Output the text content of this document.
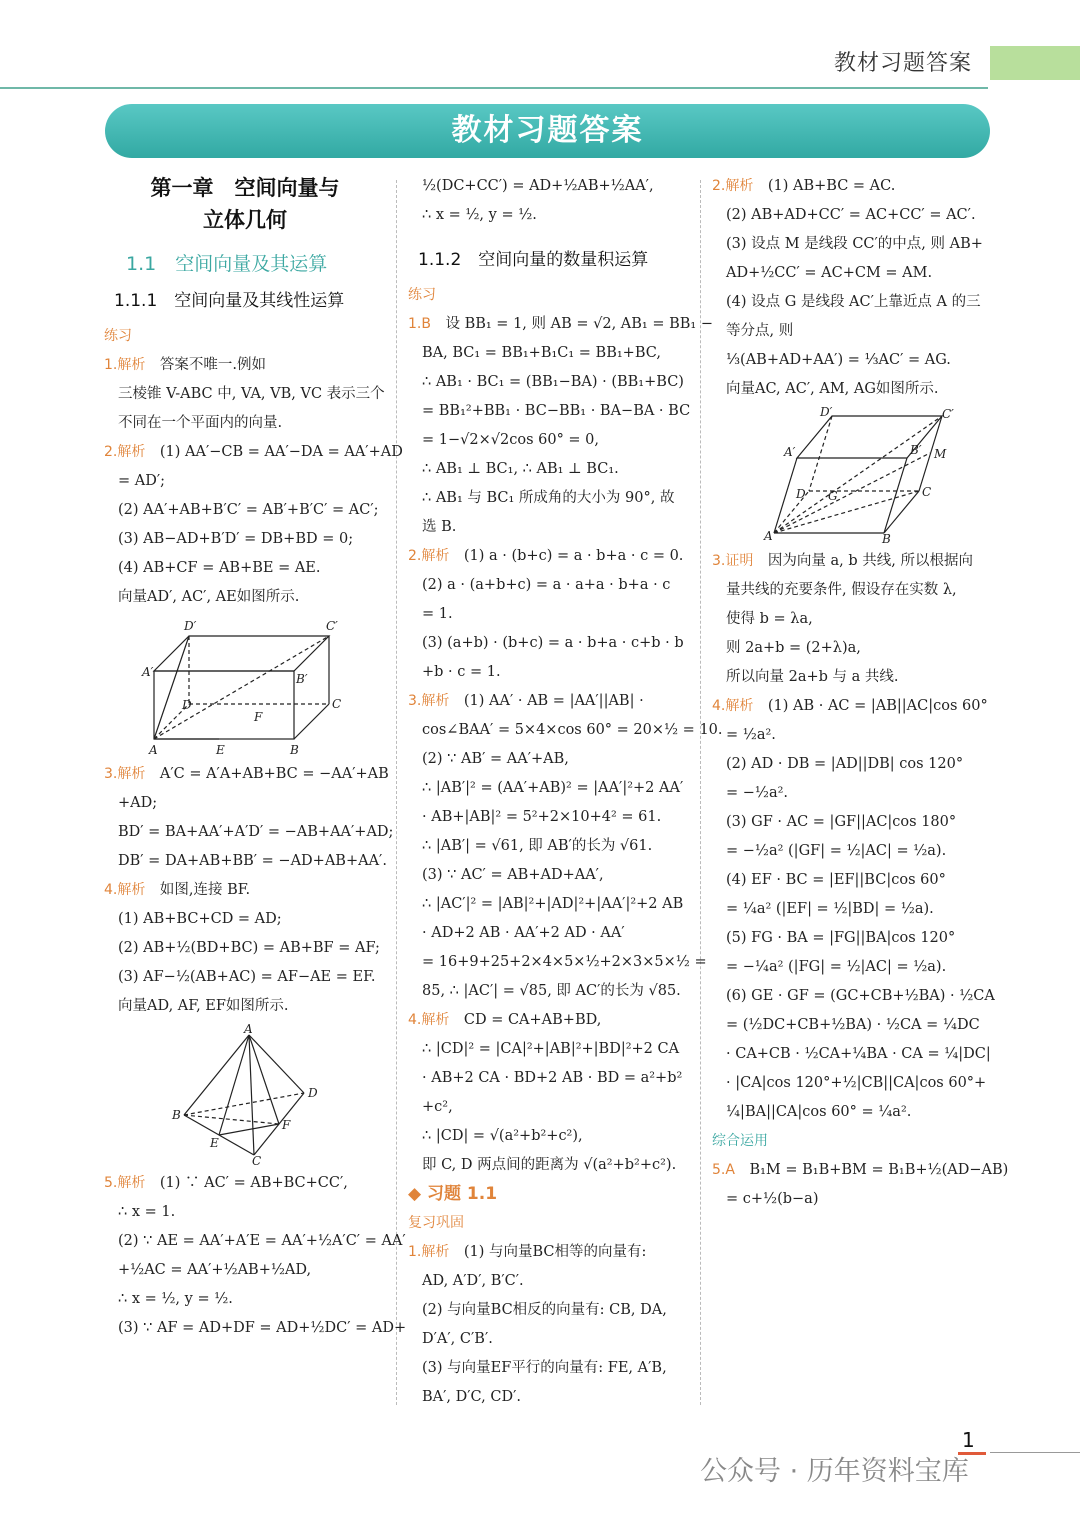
教材习题答案
教材习题答案
第一章　空间向量与
立体几何
1.1　空间向量及其运算
1.1.1　空间向量及其线性运算
练习
1.解析　 答案不唯一.例如
三棱锥 V-ABC 中, VA, VB, VC 表示三个
不同在一个平面内的向量.
2.解析　 (1) AA′−CB = AA′−DA = AA′+AD
= AD′;
(2) AA′+AB+B′C′ = AB′+B′C′ = AC′;
(3) AB−AD+B′D′ = DB+BD = 0;
(4) AB+CF = AB+BE = AE.
向量AD′, AC′, AE如图所示.
D′	C′
A′	B′
D	C
F
A	E	B
3.解析　 A′C = A′A+AB+BC = −AA′+AB
+AD;
BD′ = BA+AA′+A′D′ = −AB+AA′+AD;
DB′ = DA+AB+BB′ = −AD+AB+AA′.
4.解析　 如图,连接 BF.
(1) AB+BC+CD = AD;
(2) AB+½(BD+BC) = AB+BF = AF;
(3) AF−½(AB+AC) = AF−AE = EF.
向量AD, AF, EF如图所示.
A
D
B
F
E
C
5.解析　 (1) ∵ AC′ = AB+BC+CC′,
∴ x = 1.
(2) ∵ AE = AA′+A′E = AA′+½A′C′ = AA′
+½AC = AA′+½AB+½AD,
∴ x = ½, y = ½.
(3) ∵ AF = AD+DF = AD+½DC′ = AD+
½(DC+CC′) = AD+½AB+½AA′,
∴ x = ½, y = ½.
1.1.2　空间向量的数量积运算
练习
1.B　 设 BB₁ = 1, 则 AB = √2, AB₁ = BB₁ −
BA, BC₁ = BB₁+B₁C₁ = BB₁+BC,
∴ AB₁ · BC₁ = (BB₁−BA) · (BB₁+BC)
= BB₁²+BB₁ · BC−BB₁ · BA−BA · BC
= 1−√2×√2cos 60° = 0,
∴ AB₁ ⊥ BC₁, ∴ AB₁ ⊥ BC₁.
∴ AB₁ 与 BC₁ 所成角的大小为 90°, 故
选 B.
2.解析　 (1) a · (b+c) = a · b+a · c = 0.
(2) a · (a+b+c) = a · a+a · b+a · c
= 1.
(3) (a+b) · (b+c) = a · b+a · c+b · b
+b · c = 1.
3.解析　 (1) AA′ · AB = |AA′||AB| ·
cos∠BAA′ = 5×4×cos 60° = 20×½ = 10.
(2) ∵ AB′ = AA′+AB,
∴ |AB′|² = (AA′+AB)² = |AA′|²+2 AA′
· AB+|AB|² = 5²+2×10+4² = 61.
∴ |AB′| = √61, 即 AB′的长为 √61.
(3) ∵ AC′ = AB+AD+AA′,
∴ |AC′|² = |AB|²+|AD|²+|AA′|²+2 AB
· AD+2 AB · AA′+2 AD · AA′
= 16+9+25+2×4×5×½+2×3×5×½ =
85, ∴ |AC′| = √85, 即 AC′的长为 √85.
4.解析　 CD = CA+AB+BD,
∴ |CD|² = |CA|²+|AB|²+|BD|²+2 CA
· AB+2 CA · BD+2 AB · BD = a²+b²
+c²,
∴ |CD| = √(a²+b²+c²),
即 C, D 两点间的距离为 √(a²+b²+c²).
◆ 习题 1.1
复习巩固
1.解析　 (1) 与向量BC相等的向量有:
AD, A′D′, B′C′.
(2) 与向量BC相反的向量有: CB, DA,
D′A′, C′B′.
(3) 与向量EF平行的向量有: FE, A′B,
BA′, D′C, CD′.
2.解析　 (1) AB+BC = AC.
(2) AB+AD+CC′ = AC+CC′ = AC′.
(3) 设点 M 是线段 CC′的中点, 则 AB+
AD+½CC′ = AC+CM = AM.
(4) 设点 G 是线段 AC′上靠近点 A 的三
等分点, 则
⅓(AB+AD+AA′) = ⅓AC′ = AG.
向量AC, AC′, AM, AG如图所示.
D′	C′
A′	B′ M
G
D	C
A	B
3.证明　 因为向量 a, b 共线, 所以根据向
量共线的充要条件, 假设存在实数 λ,
使得 b = λa,
则 2a+b = (2+λ)a,
所以向量 2a+b 与 a 共线.
4.解析　 (1) AB · AC = |AB||AC|cos 60°
= ½a².
(2) AD · DB = |AD||DB| cos 120°
= −½a².
(3) GF · AC = |GF||AC|cos 180°
= −½a² (|GF| = ½|AC| = ½a).
(4) EF · BC = |EF||BC|cos 60°
= ¼a² (|EF| = ½|BD| = ½a).
(5) FG · BA = |FG||BA|cos 120°
= −¼a² (|FG| = ½|AC| = ½a).
(6) GE · GF = (GC+CB+½BA) · ½CA
= (½DC+CB+½BA) · ½CA = ¼DC
· CA+CB · ½CA+¼BA · CA = ¼|DC|
· |CA|cos 120°+½|CB||CA|cos 60°+
¼|BA||CA|cos 60° = ¼a².
综合运用
5.A　 B₁M = B₁B+BM = B₁B+½(AD−AB)
= c+½(b−a)
1
公众号 · 历年资料宝库
